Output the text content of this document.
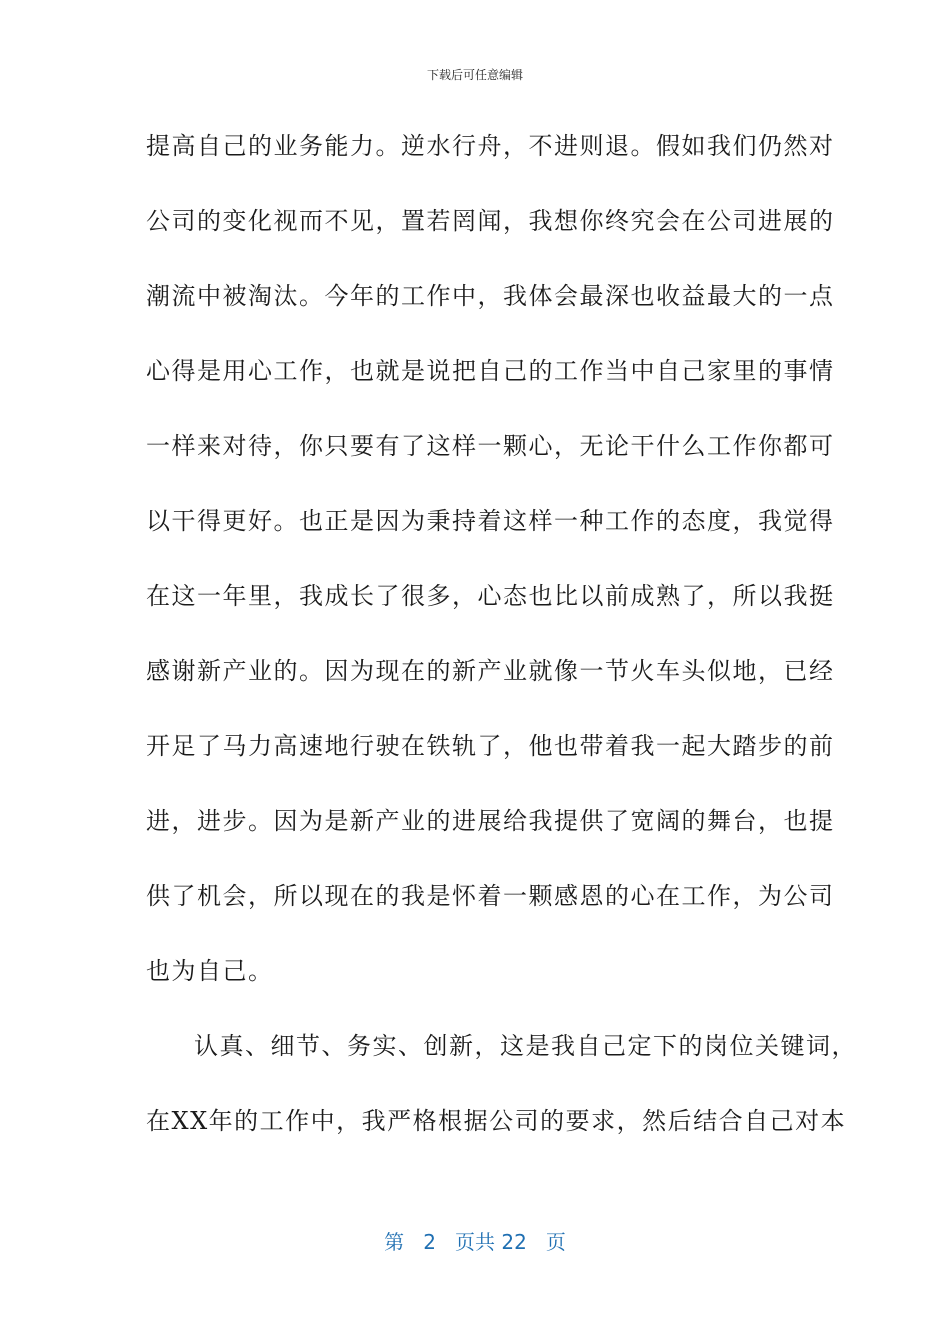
下载后可任意编辑
提高自己的业务能力。逆水行舟，不进则退。假如我们仍然对
公司的变化视而不见，置若罔闻，我想你终究会在公司进展的
潮流中被淘汰。今年的工作中，我体会最深也收益最大的一点
心得是用心工作，也就是说把自己的工作当中自己家里的事情
一样来对待，你只要有了这样一颗心，无论干什么工作你都可
以干得更好。也正是因为秉持着这样一种工作的态度，我觉得
在这一年里，我成长了很多，心态也比以前成熟了，所以我挺
感谢新产业的。因为现在的新产业就像一节火车头似地，已经
开足了马力高速地行驶在铁轨了，他也带着我一起大踏步的前
进，进步。因为是新产业的进展给我提供了宽阔的舞台，也提
供了机会，所以现在的我是怀着一颗感恩的心在工作，为公司
也为自己。
认真、细节、务实、创新，这是我自己定下的岗位关键词，
在XX年的工作中，我严格根据公司的要求，然后结合自己对本
第 2 页共 22 页
